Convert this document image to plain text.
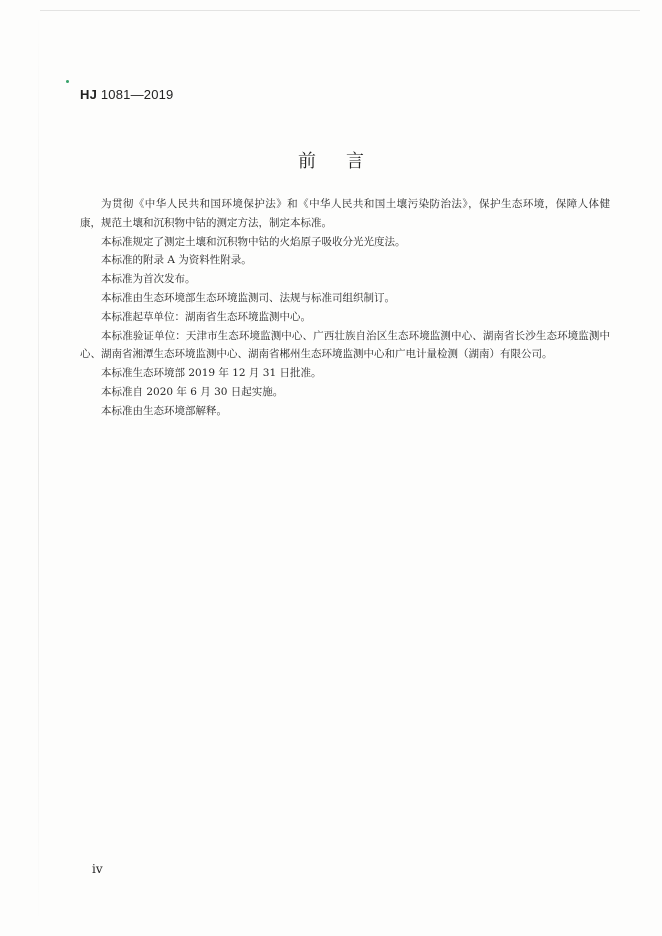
HJ 1081—2019
前言

为贯彻《中华人民共和国环境保护法》和《中华人民共和国土壤污染防治法》，保护生态环境，保障人体健康，规范土壤和沉积物中钴的测定方法，制定本标准。

本标准规定了测定土壤和沉积物中钴的火焰原子吸收分光光度法。

本标准的附录 A 为资料性附录。

本标准为首次发布。

本标准由生态环境部生态环境监测司、法规与标准司组织制订。

本标准起草单位：湖南省生态环境监测中心。

本标准验证单位：天津市生态环境监测中心、广西壮族自治区生态环境监测中心、湖南省长沙生态环境监测中心、湖南省湘潭生态环境监测中心、湖南省郴州生态环境监测中心和广电计量检测（湖南）有限公司。

本标准生态环境部 2019 年 12 月 31 日批准。

本标准自 2020 年 6 月 30 日起实施。

本标准由生态环境部解释。

iv
